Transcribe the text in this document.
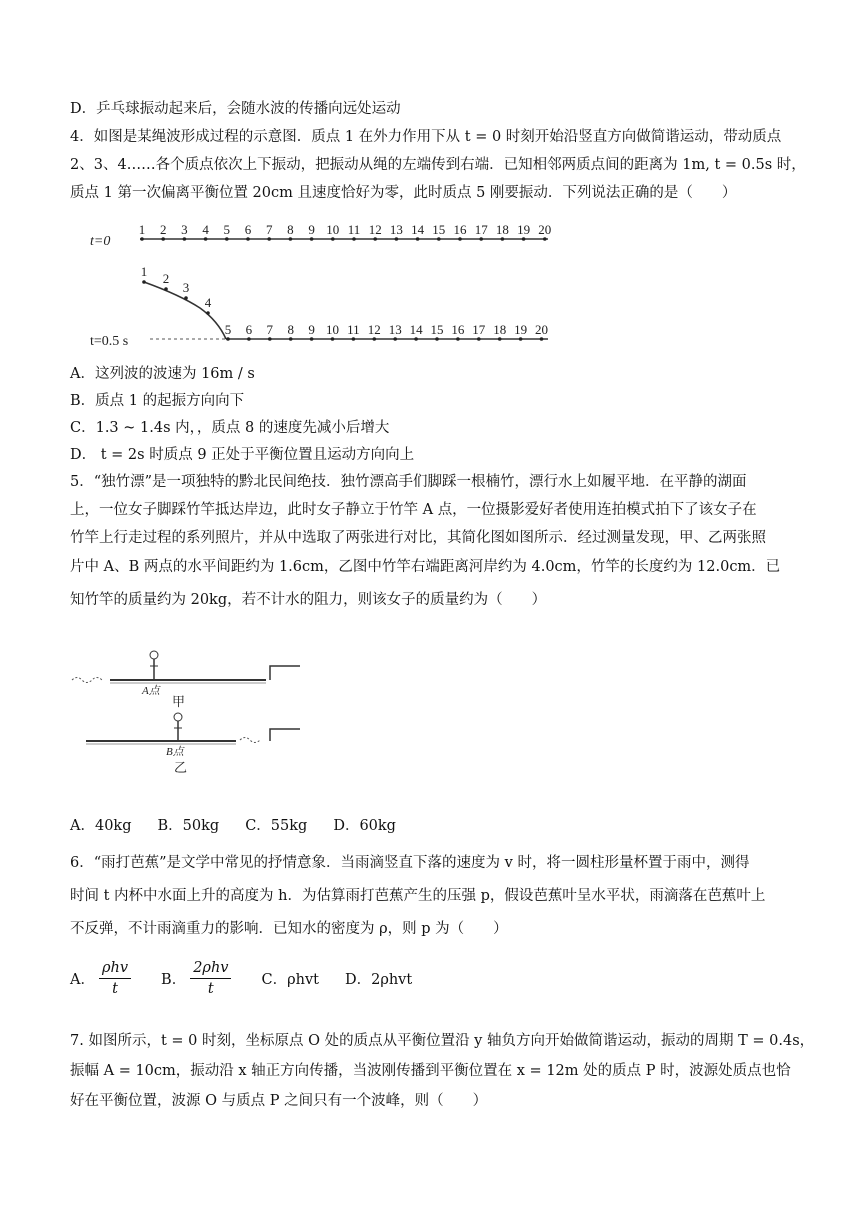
D．乒乓球振动起来后，会随水波的传播向远处运动
4．如图是某绳波形成过程的示意图．质点 1 在外力作用下从 t = 0 时刻开始沿竖直方向做简谐运动，带动质点
2、3、4……各个质点依次上下振动，把振动从绳的左端传到右端．已知相邻两质点间的距离为 1m, t = 0.5s 时，
质点 1 第一次偏离平衡位置 20cm 且速度恰好为零，此时质点 5 刚要振动．下列说法正确的是（　　）
t=0
1 2 3 4 5 6 7 8 9 10 11 12 13 14 15 16 17 18 19 20
t=0.5 s
1 2
3
4
5 6 7 8 9 10 11 12 13 14 15 16 17 18 19 20
A．这列波的波速为 16m / s
B．质点 1 的起振方向向下
C．1.3 ~ 1.4s 内，，质点 8 的速度先减小后增大
D． t = 2s 时质点 9 正处于平衡位置且运动方向向上
5．“独竹漂”是一项独特的黔北民间绝技．独竹漂高手们脚踩一根楠竹，漂行水上如履平地．在平静的湖面
上，一位女子脚踩竹竿抵达岸边，此时女子静立于竹竿 A 点，一位摄影爱好者使用连拍模式拍下了该女子在
竹竿上行走过程的系列照片，并从中选取了两张进行对比，其简化图如图所示．经过测量发现，甲、乙两张照
片中 A、B 两点的水平间距约为 1.6cm，乙图中竹竿右端距离河岸约为 4.0cm，竹竿的长度约为 12.0cm．已
知竹竿的质量约为 20kg，若不计水的阻力，则该女子的质量约为（　　）
A点
甲
B点
乙
A．40kg B．50kg C．55kg D．60kg
6．“雨打芭蕉”是文学中常见的抒情意象．当雨滴竖直下落的速度为 v 时，将一圆柱形量杯置于雨中，测得
时间 t 内杯中水面上升的高度为 h．为估算雨打芭蕉产生的压强 p，假设芭蕉叶呈水平状，雨滴落在芭蕉叶上
不反弹，不计雨滴重力的影响．已知水的密度为 ρ，则 p 为（　　）
A． $\frac{\text{ρhv}}{t}$ B． $\frac{\text{2ρhv}}{t}$ C．ρhvt D．2ρhvt
7. 如图所示，t = 0 时刻，坐标原点 O 处的质点从平衡位置沿 y 轴负方向开始做简谐运动，振动的周期 T = 0.4s，
振幅 A = 10cm，振动沿 x 轴正方向传播，当波刚传播到平衡位置在 x = 12m 处的质点 P 时，波源处质点也恰
好在平衡位置，波源 O 与质点 P 之间只有一个波峰，则（　　）
